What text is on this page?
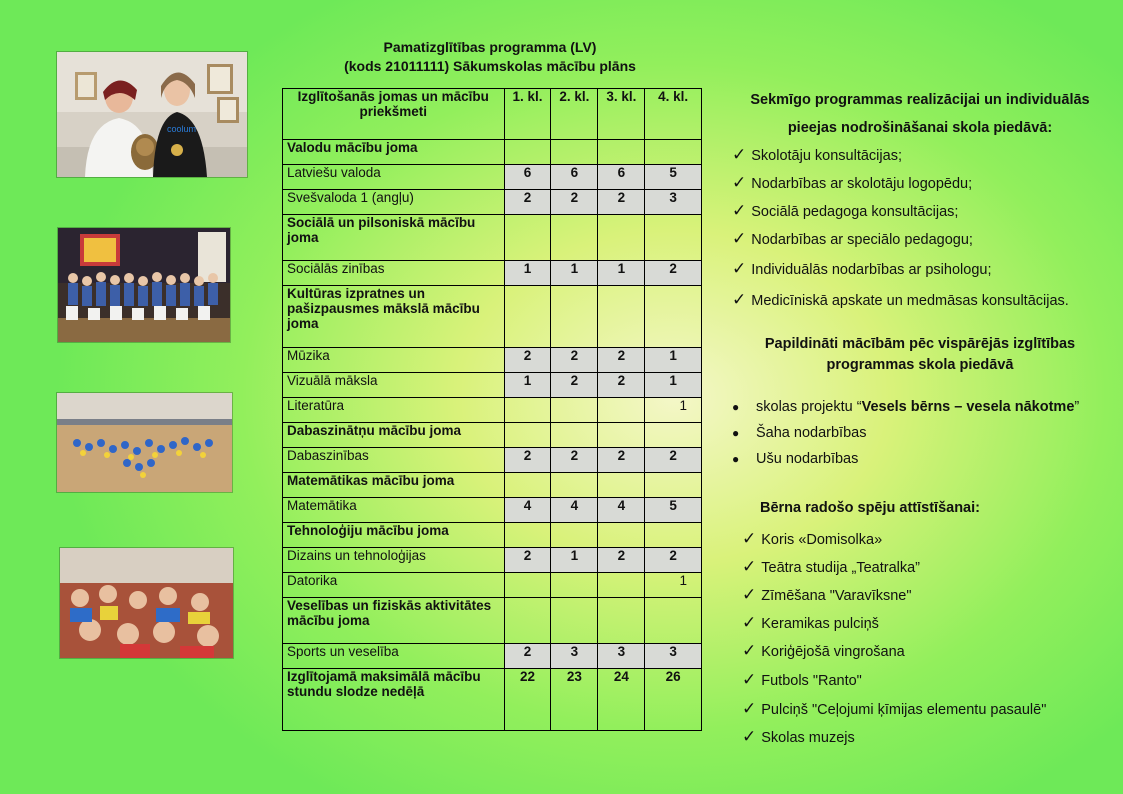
coolum
Pamatizglītības programma (LV)
(kods 21011111) Sākumskolas mācību plāns
Izglītošanās jomas un mācību priekšmeti	1. kl.	2. kl.	3. kl.	4. kl.
Valodu mācību joma				
Latviešu valoda	6	6	6	5
Svešvaloda 1 (angļu)	2	2	2	3
Sociālā un pilsoniskā mācību joma				
Sociālās zinības	1	1	1	2
Kultūras izpratnes un pašizpausmes mākslā mācību joma				
Mūzika	2	2	2	1
Vizuālā māksla	1	2	2	1
Literatūra				1
Dabaszinātņu mācību joma				
Dabaszinības	2	2	2	2
Matemātikas mācību joma				
Matemātika	4	4	4	5
Tehnoloģiju mācību joma				
Dizains un tehnoloģijas	2	1	2	2
Datorika				1
Veselības un fiziskās aktivitātes mācību joma				
Sports un veselība	2	3	3	3
Izglītojamā maksimālā mācību stundu slodze nedēļā	22	23	24	26
Sekmīgo programmas realizācijai un individuālās
pieejas nodrošināšanai skola piedāvā:
✓ Skolotāju konsultācijas;
✓ Nodarbības ar skolotāju logopēdu;
✓ Sociālā pedagoga konsultācijas;
✓ Nodarbības ar speciālo pedagogu;
✓ Individuālās nodarbības ar psihologu;
✓ Medicīniskā apskate un medmāsas konsultācijas.
Papildināti mācībām pēc vispārējās izglītības
programmas skola piedāvā
● skolas projektu “Vesels bērns – vesela nākotme”
● Šaha nodarbības
● Ušu nodarbības
Bērna radošo spēju attīstīšanai:
✓ Koris «Domisolka»
✓ Teātra studija „Teatralka”
✓ Zīmēšana "Varavīksne"
✓ Keramikas pulciņš
✓ Koriģējošā vingrošana
✓ Futbols "Ranto"
✓ Pulciņš "Ceļojumi ķīmijas elementu pasaulē"
✓ Skolas muzejs
